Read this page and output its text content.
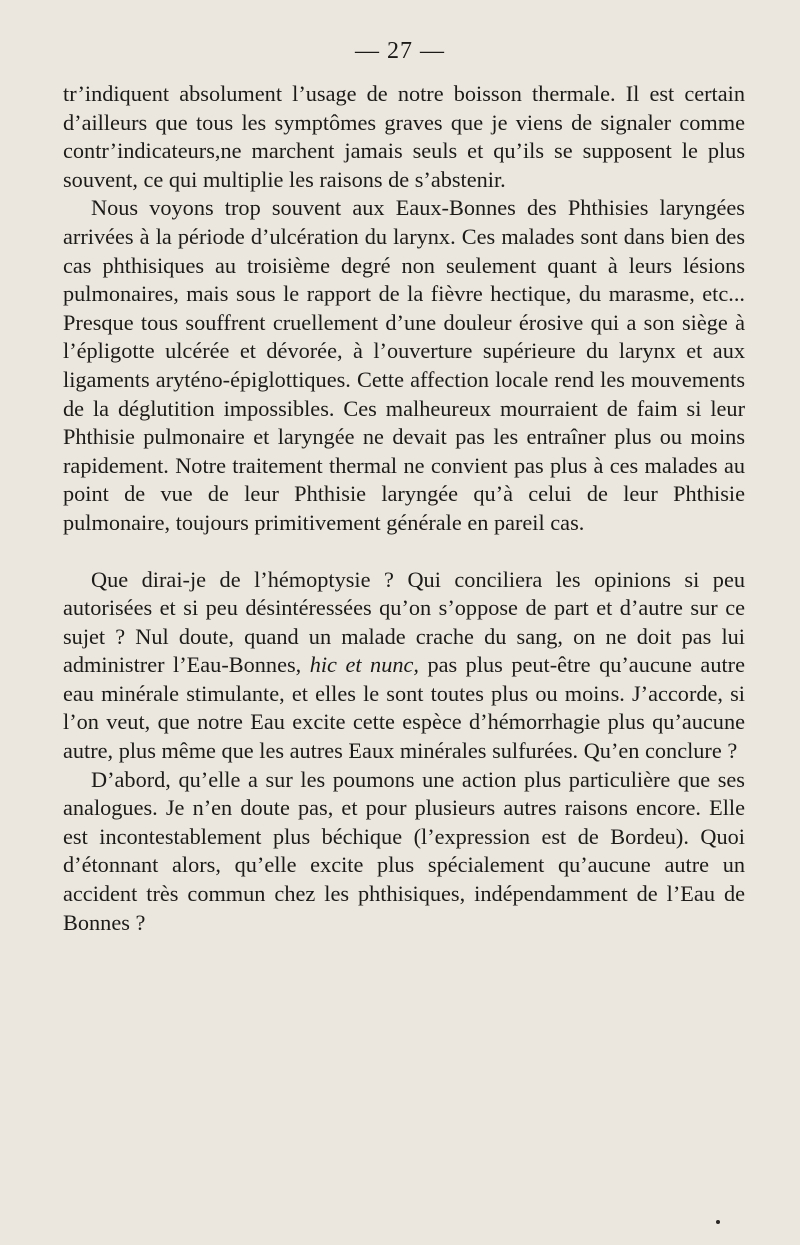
— 27 —

tr’indiquent absolument l’usage de notre boisson thermale. Il est certain d’ailleurs que tous les symptômes graves que je viens de signaler comme contr’indicateurs,ne marchent jamais seuls et qu’ils se supposent le plus souvent, ce qui multiplie les raisons de s’abstenir.

Nous voyons trop souvent aux Eaux-Bonnes des Phthisies laryngées arrivées à la période d’ulcération du larynx. Ces malades sont dans bien des cas phthisiques au troisième degré non seulement quant à leurs lésions pulmonaires, mais sous le rapport de la fièvre hectique, du marasme, etc... Presque tous souffrent cruellement d’une douleur érosive qui a son siège à l’épligotte ulcérée et dévorée, à l’ouverture supérieure du larynx et aux ligaments aryténo-épiglottiques. Cette affection locale rend les mouvements de la déglutition impossibles. Ces malheureux mourraient de faim si leur Phthisie pulmonaire et laryngée ne devait pas les entraîner plus ou moins rapidement. Notre traitement thermal ne convient pas plus à ces malades au point de vue de leur Phthisie laryngée qu’à celui de leur Phthisie pulmonaire, toujours primitivement générale en pareil cas.

Que dirai-je de l’hémoptysie ? Qui conciliera les opinions si peu autorisées et si peu désintéressées qu’on s’oppose de part et d’autre sur ce sujet ? Nul doute, quand un malade crache du sang, on ne doit pas lui administrer l’Eau-Bonnes, hic et nunc, pas plus peut-être qu’aucune autre eau minérale stimulante, et elles le sont toutes plus ou moins. J’accorde, si l’on veut, que notre Eau excite cette espèce d’hémorrhagie plus qu’aucune autre, plus même que les autres Eaux minérales sulfurées. Qu’en conclure ?

D’abord, qu’elle a sur les poumons une action plus particulière que ses analogues. Je n’en doute pas, et pour plusieurs autres raisons encore. Elle est incontestablement plus béchique (l’expression est de Bordeu). Quoi d’étonnant alors, qu’elle excite plus spécialement qu’aucune autre un accident très commun chez les phthisiques, indépendamment de l’Eau de Bonnes ?
